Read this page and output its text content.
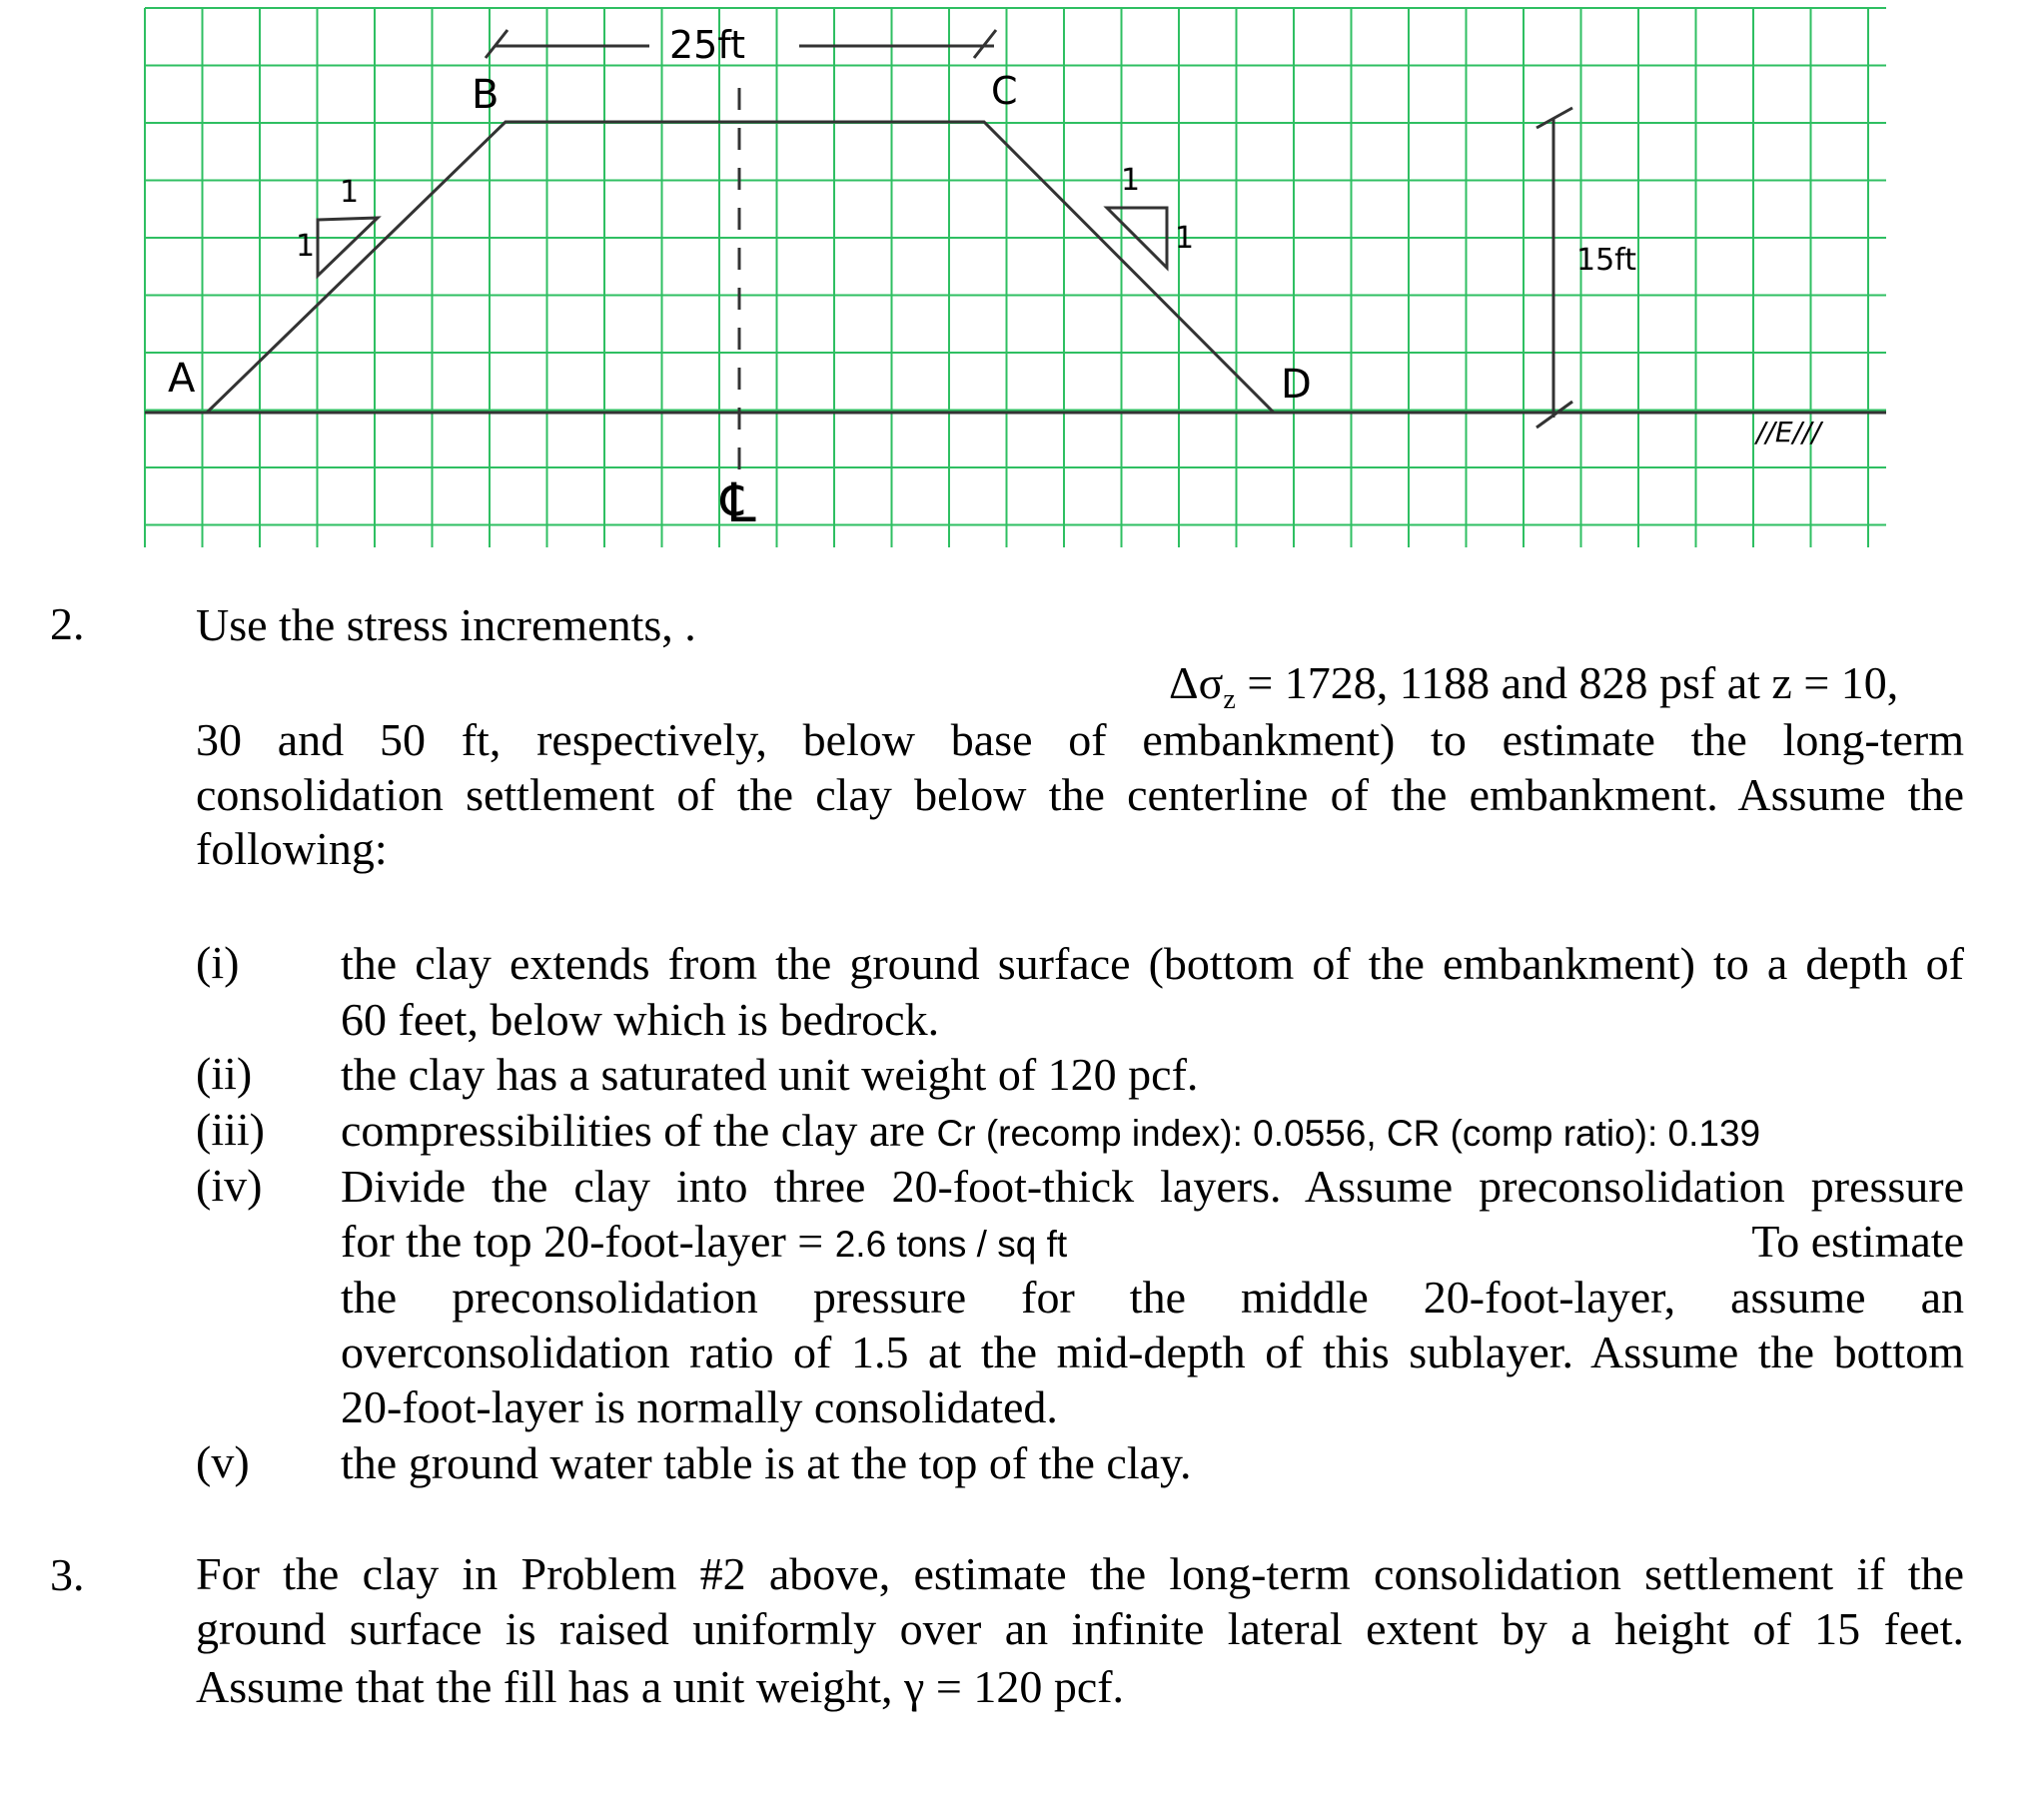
25ft
15ft
A
B	C
D
1
1
1
1
//E///
℄
2. Use the stress increments, .
$\Delta\sigma_z = 1728$, 1188 and 828 psf at z = 10,
30 and 50 ft, respectively, below base of embankment) to estimate the long-term
consolidation settlement of the clay below the centerline of the embankment. Assume the
following:
(i) the clay extends from the ground surface (bottom of the embankment) to a depth of
60 feet, below which is bedrock.
(ii) the clay has a saturated unit weight of 120 pcf.
(iii) compressibilities of the clay are Cr (recomp index): 0.0556, CR (comp ratio): 0.139
(iv) Divide the clay into three 20-foot-thick layers. Assume preconsolidation pressure
for the top 20-foot-layer = 2.6 tons / sq ft	To estimate
the preconsolidation pressure for the middle 20-foot-layer, assume an
overconsolidation ratio of 1.5 at the mid-depth of this sublayer. Assume the bottom
20-foot-layer is normally consolidated.
(v) the ground water table is at the top of the clay.
3. For the clay in Problem #2 above, estimate the long-term consolidation settlement if the
ground surface is raised uniformly over an infinite lateral extent by a height of 15 feet.
Assume that the fill has a unit weight, γ = 120 pcf.
